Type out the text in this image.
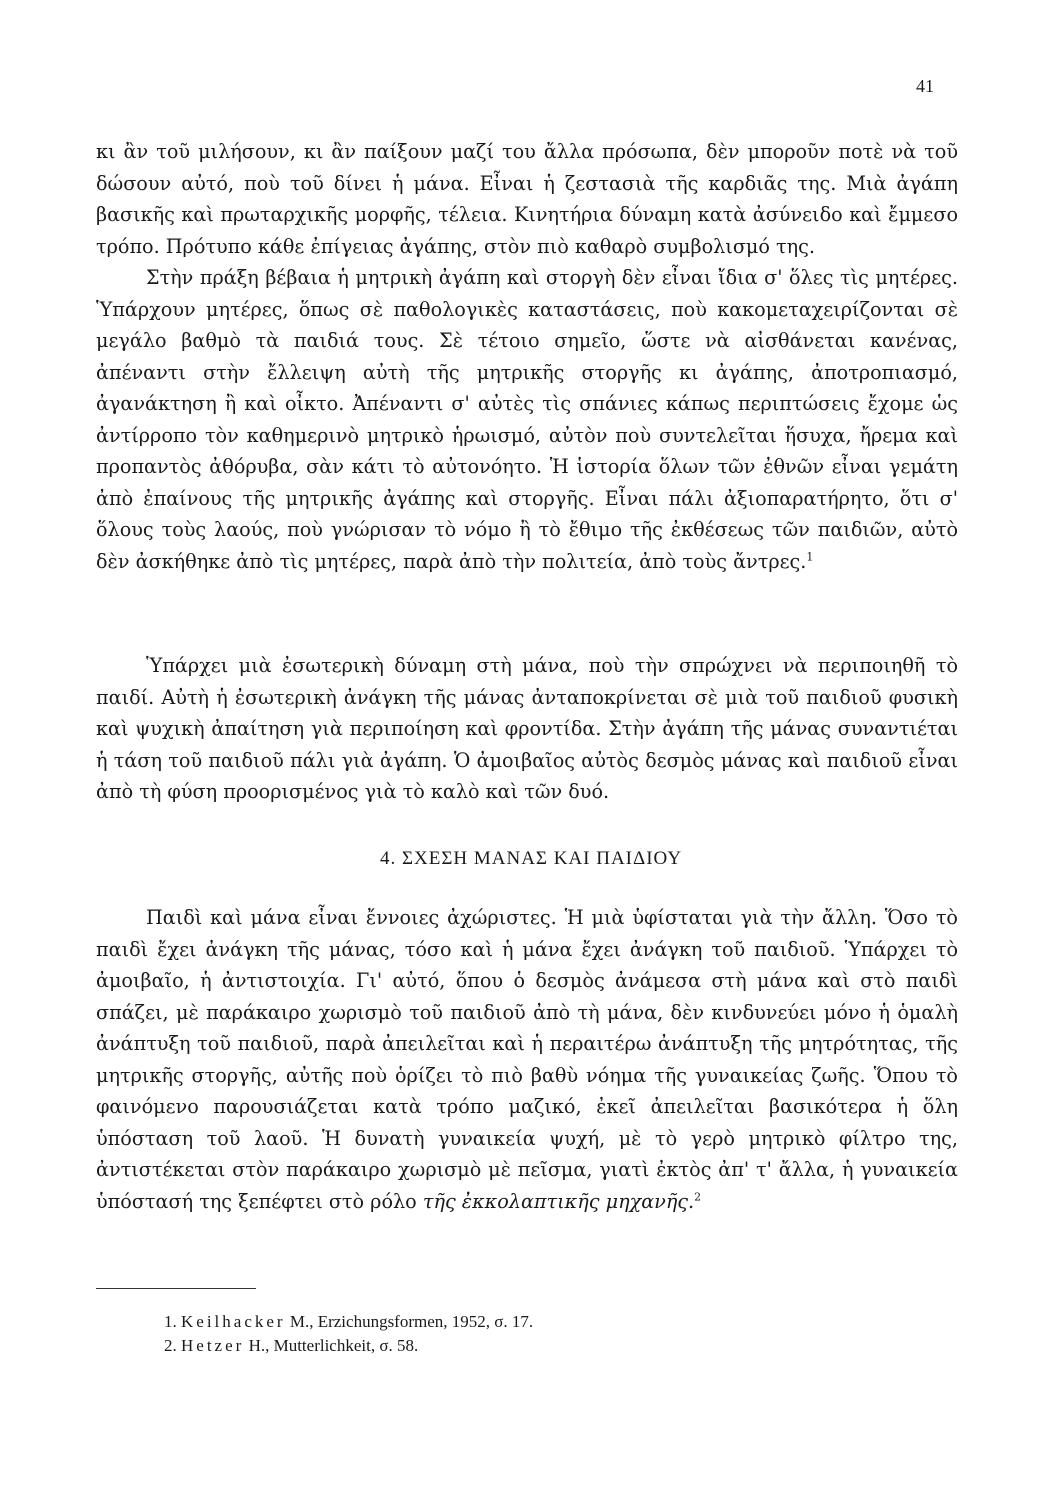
41

κι ἂν τοῦ μιλήσουν, κι ἂν παίξουν μαζί του ἄλλα πρόσωπα, δὲν μποροῦν ποτὲ νὰ τοῦ δώσουν αὐτό, ποὺ τοῦ δίνει ἡ μάνα. Εἶναι ἡ ζεστασιὰ τῆς καρδιᾶς της. Μιὰ ἀγάπη βασικῆς καὶ πρωταρχικῆς μορφῆς, τέλεια. Κινητήρια δύναμη κατὰ ἀσύνειδο καὶ ἔμμεσο τρόπο. Πρότυπο κάθε ἐπίγειας ἀγάπης, στὸν πιὸ καθαρὸ συμβολισμό της.

Στὴν πράξη βέβαια ἡ μητρικὴ ἀγάπη καὶ στοργὴ δὲν εἶναι ἴδια σ' ὅλες τὶς μητέρες. Ὑπάρχουν μητέρες, ὅπως σὲ παθολογικὲς καταστάσεις, ποὺ κακομεταχειρίζονται σὲ μεγάλο βαθμὸ τὰ παιδιά τους. Σὲ τέτοιο σημεῖο, ὥστε νὰ αἰσθάνεται κανένας, ἀπέναντι στὴν ἔλλειψη αὐτὴ τῆς μητρικῆς στοργῆς κι ἀγάπης, ἀποτροπιασμό, ἀγανάκτηση ἢ καὶ οἶκτο. Ἀπέναντι σ' αὐτὲς τὶς σπάνιες κάπως περιπτώσεις ἔχομε ὡς ἀντίρροπο τὸν καθημερινὸ μητρικὸ ἡρωισμό, αὐτὸν ποὺ συντελεῖται ἥσυχα, ἤρεμα καὶ προπαντὸς ἀθόρυβα, σὰν κάτι τὸ αὐτονόητο. Ἡ ἱστορία ὅλων τῶν ἐθνῶν εἶναι γεμάτη ἀπὸ ἐπαίνους τῆς μητρικῆς ἀγάπης καὶ στοργῆς. Εἶναι πάλι ἀξιοπαρατήρητο, ὅτι σ' ὅλους τοὺς λαούς, ποὺ γνώρισαν τὸ νόμο ἢ τὸ ἔθιμο τῆς ἐκθέσεως τῶν παιδιῶν, αὐτὸ δὲν ἀσκήθηκε ἀπὸ τὶς μητέρες, παρὰ ἀπὸ τὴν πολιτεία, ἀπὸ τοὺς ἄντρες.$^1$

Ὑπάρχει μιὰ ἐσωτερικὴ δύναμη στὴ μάνα, ποὺ τὴν σπρώχνει νὰ περιποιηθῆ τὸ παιδί. Αὐτὴ ἡ ἐσωτερικὴ ἀνάγκη τῆς μάνας ἀνταποκρίνεται σὲ μιὰ τοῦ παιδιοῦ φυσικὴ καὶ ψυχικὴ ἀπαίτηση γιὰ περιποίηση καὶ φροντίδα. Στὴν ἀγάπη τῆς μάνας συναντιέται ἡ τάση τοῦ παιδιοῦ πάλι γιὰ ἀγάπη. Ὁ ἀμοιβαῖος αὐτὸς δεσμὸς μάνας καὶ παιδιοῦ εἶναι ἀπὸ τὴ φύση προορισμένος γιὰ τὸ καλὸ καὶ τῶν δυό.

4. ΣΧΕΣΗ ΜΑΝΑΣ ΚΑΙ ΠΑΙΔΙΟΥ

Παιδὶ καὶ μάνα εἶναι ἔννοιες ἀχώριστες. Ἡ μιὰ ὑφίσταται γιὰ τὴν ἄλλη. Ὅσο τὸ παιδὶ ἔχει ἀνάγκη τῆς μάνας, τόσο καὶ ἡ μάνα ἔχει ἀνάγκη τοῦ παιδιοῦ. Ὑπάρχει τὸ ἀμοιβαῖο, ἡ ἀντιστοιχία. Γι' αὐτό, ὅπου ὁ δεσμὸς ἀνάμεσα στὴ μάνα καὶ στὸ παιδὶ σπάζει, μὲ παράκαιρο χωρισμὸ τοῦ παιδιοῦ ἀπὸ τὴ μάνα, δὲν κινδυνεύει μόνο ἡ ὁμαλὴ ἀνάπτυξη τοῦ παιδιοῦ, παρὰ ἀπειλεῖται καὶ ἡ περαιτέρω ἀνάπτυξη τῆς μητρότητας, τῆς μητρικῆς στοργῆς, αὐτῆς ποὺ ὁρίζει τὸ πιὸ βαθὺ νόημα τῆς γυναικείας ζωῆς. Ὅπου τὸ φαινόμενο παρουσιάζεται κατὰ τρόπο μαζικό, ἐκεῖ ἀπειλεῖται βασικότερα ἡ ὅλη ὑπόσταση τοῦ λαοῦ. Ἡ δυνατὴ γυναικεία ψυχή, μὲ τὸ γερὸ μητρικὸ φίλτρο της, ἀντιστέκεται στὸν παράκαιρο χωρισμὸ μὲ πεῖσμα, γιατὶ ἐκτὸς ἀπ' τ' ἄλλα, ἡ γυναικεία ὑπόστασή της ξεπέφτει στὸ ρόλο τῆς ἐκκολαπτικῆς μηχανῆς.$^2$

1. Keilhacker M., Erzichungsformen, 1952, σ. 17.

2. Hetzer H., Mutterlichkeit, σ. 58.
